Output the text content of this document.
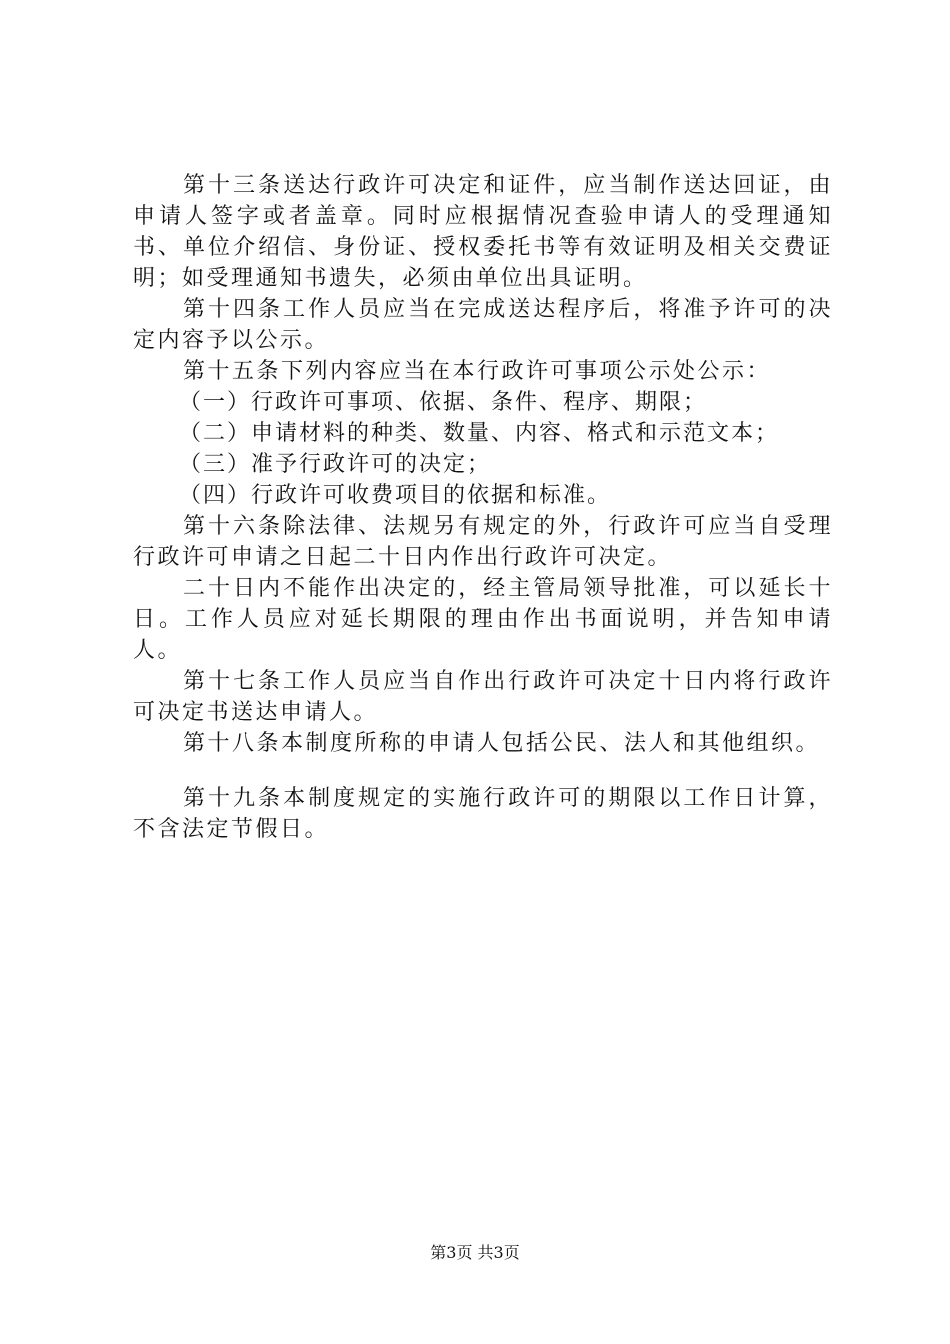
第十三条送达行政许可决定和证件，应当制作送达回证，由申请人签字或者盖章。同时应根据情况查验申请人的受理通知书、单位介绍信、身份证、授权委托书等有效证明及相关交费证明；如受理通知书遗失，必须由单位出具证明。

第十四条工作人员应当在完成送达程序后，将准予许可的决定内容予以公示。

第十五条下列内容应当在本行政许可事项公示处公示：

（一）行政许可事项、依据、条件、程序、期限；

（二）申请材料的种类、数量、内容、格式和示范文本；

（三）准予行政许可的决定；

（四）行政许可收费项目的依据和标准。

第十六条除法律、法规另有规定的外，行政许可应当自受理行政许可申请之日起二十日内作出行政许可决定。

二十日内不能作出决定的，经主管局领导批准，可以延长十日。工作人员应对延长期限的理由作出书面说明，并告知申请人。

第十七条工作人员应当自作出行政许可决定十日内将行政许可决定书送达申请人。

第十八条本制度所称的申请人包括公民、法人和其他组织。

第十九条本制度规定的实施行政许可的期限以工作日计算，不含法定节假日。

第3页 共3页
